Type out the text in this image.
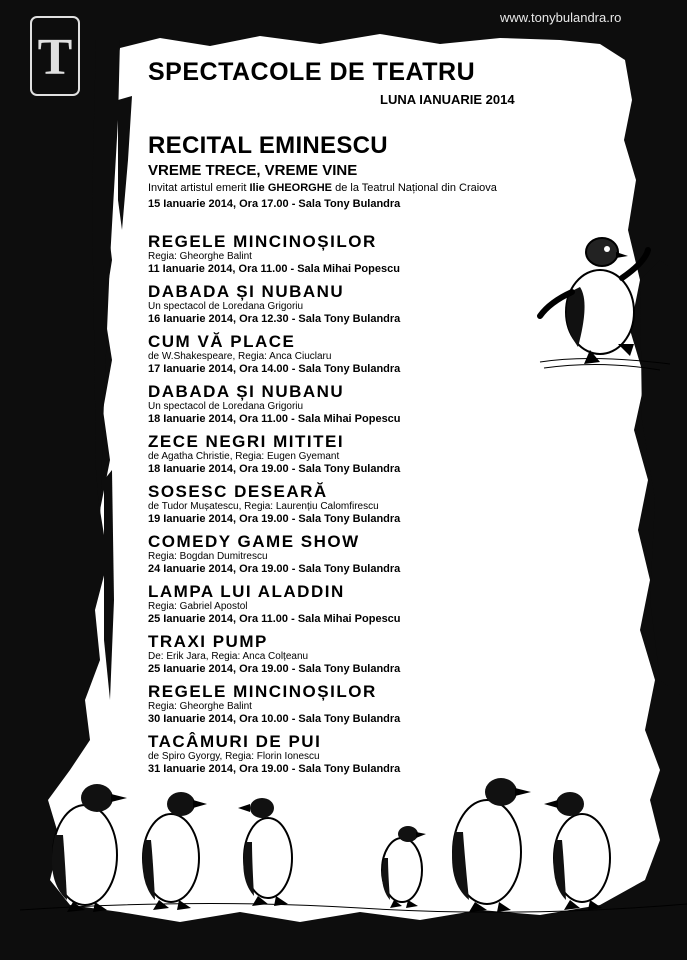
www.tonybulandra.ro
T	SPECTACOLE DE TEATRU
LUNA IANUARIE 2014
RECITAL EMINESCU
VREME TRECE, VREME VINE
Invitat artistul emerit Ilie GHEORGHE de la Teatrul Național din Craiova
15 Ianuarie 2014, Ora 17.00 - Sala Tony Bulandra
REGELE MINCINOȘILOR
Regia: Gheorghe Balint
11 Ianuarie 2014, Ora 11.00 - Sala Mihai Popescu
DABADA ȘI NUBANU
Un spectacol de Loredana Grigoriu
16 Ianuarie 2014, Ora 12.30 - Sala Tony Bulandra
CUM VĂ PLACE
de W.Shakespeare, Regia: Anca Ciuclaru
17 Ianuarie 2014, Ora 14.00 - Sala Tony Bulandra
DABADA ȘI NUBANU
Un spectacol de Loredana Grigoriu
18 Ianuarie 2014, Ora 11.00 - Sala Mihai Popescu
ZECE NEGRI MITITEI
de Agatha Christie, Regia: Eugen Gyemant
18 Ianuarie 2014, Ora 19.00 - Sala Tony Bulandra
SOSESC DESEARĂ
de Tudor Mușatescu, Regia: Laurențiu Calomfirescu
19 Ianuarie 2014, Ora 19.00 - Sala Tony Bulandra
COMEDY GAME SHOW
Regia: Bogdan Dumitrescu
24 Ianuarie 2014, Ora 19.00 - Sala Tony Bulandra
LAMPA LUI ALADDIN
Regia: Gabriel Apostol
25 Ianuarie 2014, Ora 11.00 - Sala Mihai Popescu
TRAXI PUMP
De: Erik Jara, Regia: Anca Colțeanu
25 Ianuarie 2014, Ora 19.00 - Sala Tony Bulandra
REGELE MINCINOȘILOR
Regia: Gheorghe Balint
30 Ianuarie 2014, Ora 10.00 - Sala Tony Bulandra
TACÂMURI DE PUI
de Spiro Gyorgy, Regia: Florin Ionescu
31 Ianuarie 2014, Ora 19.00 - Sala Tony Bulandra
